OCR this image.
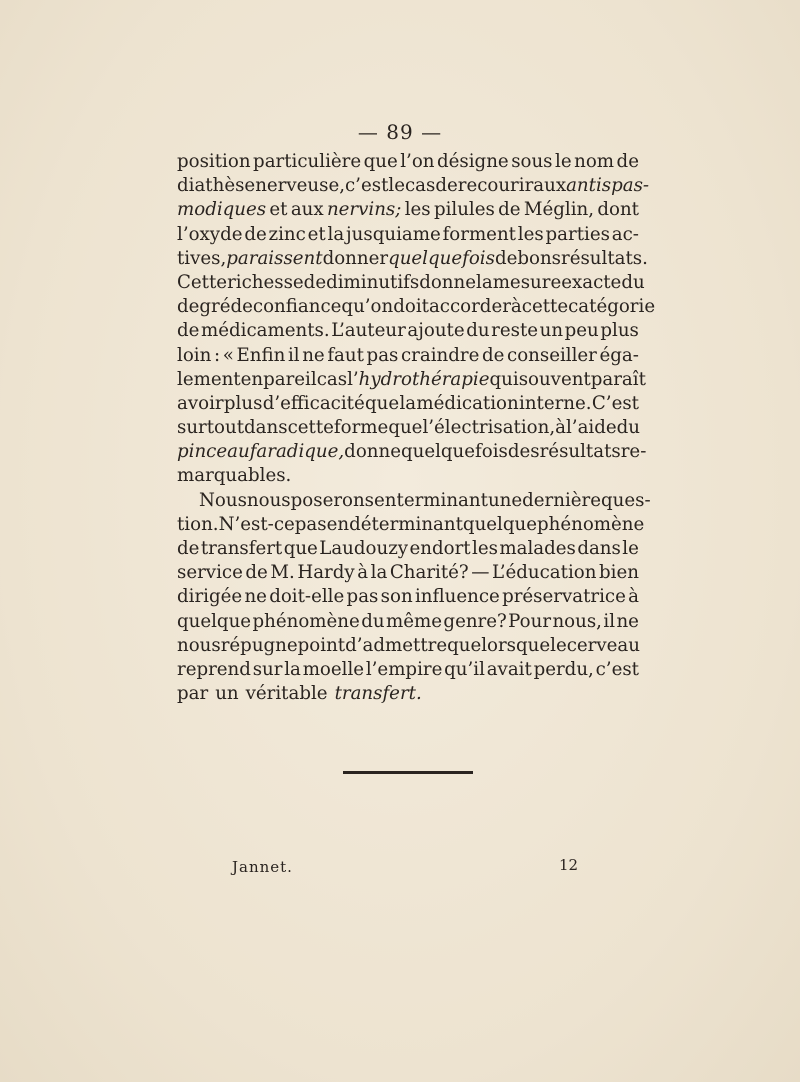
— 89 —
position particulière que l’on désigne sous le nom de
diathèse nerveuse, c’est le cas de recourir aux antispas-
modiques et aux nervins; les pilules de Méglin, dont
l’oxyde de zinc et la jusquiame forment les parties ac-
tives, paraissent donner quelquefois de bons résultats.
Cette richesse de diminutifs donne la mesure exacte du
degré de confiance qu’on doit accorder à cette catégorie
de médicaments. L’auteur ajoute du reste un peu plus
loin : « Enfin il ne faut pas craindre de conseiller éga-
lement en pareil cas l’hydrothérapie qui souvent paraît
avoir plus d’efficacité que la médication interne. C’est
surtout dans cette forme que l’électrisation, à l’aide du
pinceau faradique, donne quelquefois des résultats re-
marquables.
Nous nous poserons en terminant une dernière ques-
tion. N’est-ce pas en déterminant quelque phénomène
de transfert que Laudouzy endort les malades dans le
service de M. Hardy à la Charité? — L’éducation bien
dirigée ne doit-elle pas son influence préservatrice à
quelque phénomène du même genre? Pour nous, il ne
nous répugne point d’admettre que lorsque le cerveau
reprend sur la moelle l’empire qu’il avait perdu, c’est
par un véritable transfert.
Jannet.	12
